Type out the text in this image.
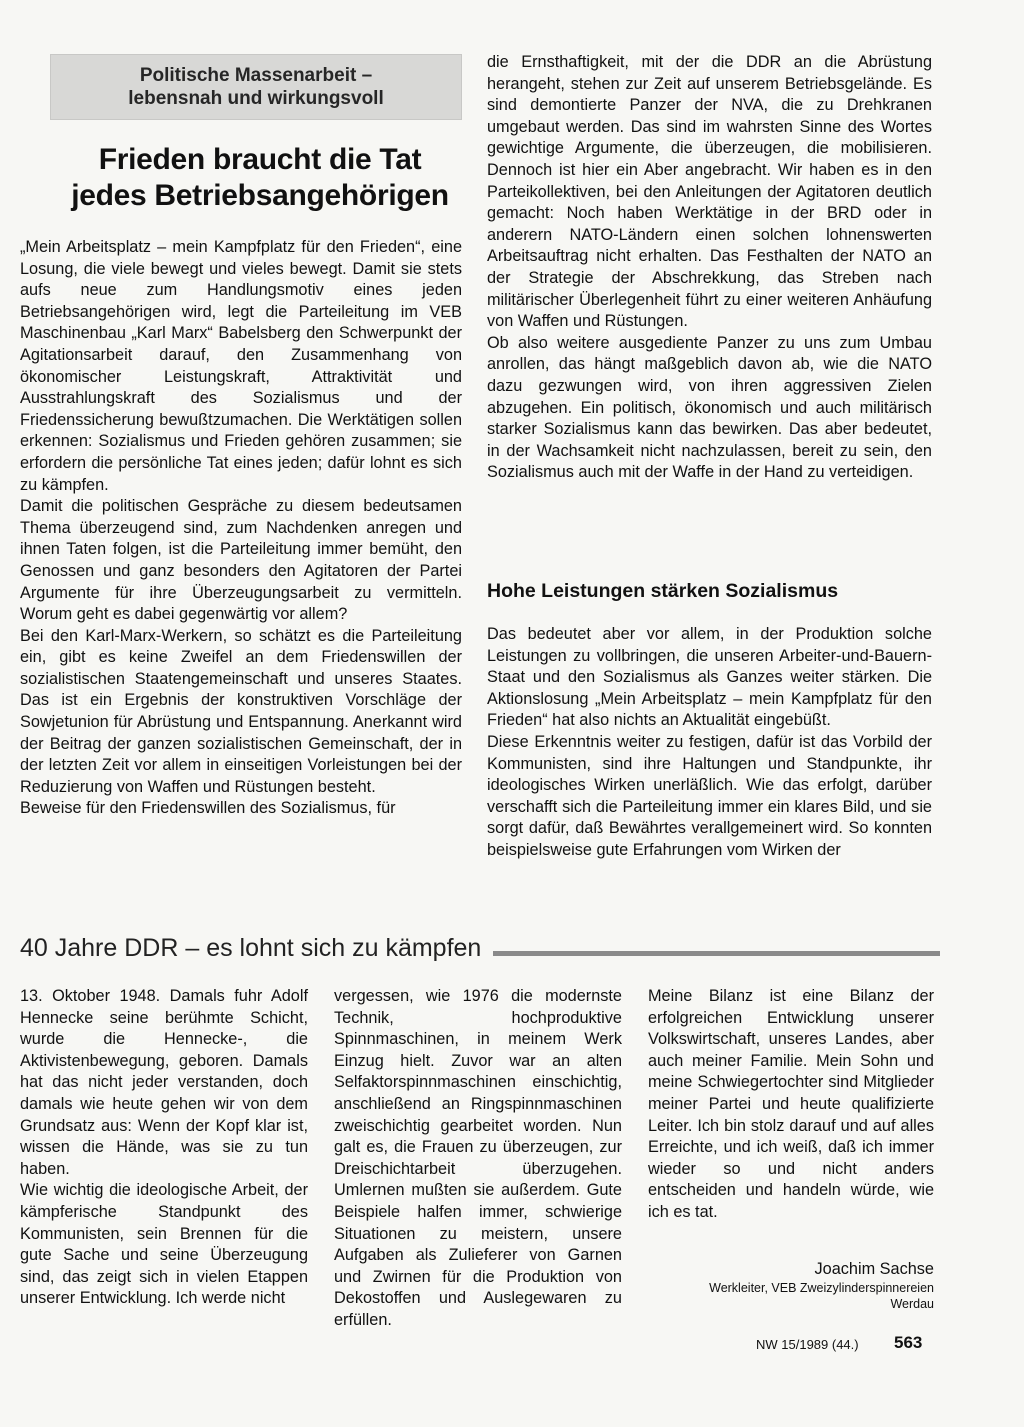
Politische Massenarbeit –
lebensnah und wirkungsvoll
Frieden braucht die Tat
jedes Betriebsangehörigen

„Mein Arbeitsplatz – mein Kampfplatz für den Frieden“, eine Losung, die viele bewegt und vieles bewegt. Damit sie stets aufs neue zum Handlungsmotiv eines jeden Betriebsangehörigen wird, legt die Parteileitung im VEB Maschinenbau „Karl Marx“ Babelsberg den Schwerpunkt der Agitationsarbeit darauf, den Zusammenhang von ökonomischer Leistungskraft, Attraktivität und Ausstrahlungskraft des Sozialismus und der Friedenssicherung bewußtzumachen. Die Werktätigen sollen erkennen: Sozialismus und Frieden gehören zusammen; sie erfordern die persönliche Tat eines jeden; dafür lohnt es sich zu kämpfen.

Damit die politischen Gespräche zu diesem bedeutsamen Thema überzeugend sind, zum Nachdenken anregen und ihnen Taten folgen, ist die Parteileitung immer bemüht, den Genossen und ganz besonders den Agitatoren der Partei Argumente für ihre Überzeugungsarbeit zu vermitteln. Worum geht es dabei gegenwärtig vor allem?

Bei den Karl-Marx-Werkern, so schätzt es die Parteileitung ein, gibt es keine Zweifel an dem Friedenswillen der sozialistischen Staatengemeinschaft und unseres Staates. Das ist ein Ergebnis der konstruktiven Vorschläge der Sowjetunion für Abrüstung und Entspannung. Anerkannt wird der Beitrag der ganzen sozialistischen Gemeinschaft, der in der letzten Zeit vor allem in einseitigen Vorleistungen bei der Reduzierung von Waffen und Rüstungen besteht.

Beweise für den Friedenswillen des Sozialismus, für

die Ernsthaftigkeit, mit der die DDR an die Abrüstung herangeht, stehen zur Zeit auf unserem Betriebsgelände. Es sind demontierte Panzer der NVA, die zu Drehkranen umgebaut werden. Das sind im wahrsten Sinne des Wortes gewichtige Argumente, die überzeugen, die mobilisieren. Dennoch ist hier ein Aber angebracht. Wir haben es in den Parteikollektiven, bei den Anleitungen der Agitatoren deutlich gemacht: Noch haben Werktätige in der BRD oder in anderern NATO-Ländern einen solchen lohnenswerten Arbeitsauftrag nicht erhalten. Das Festhalten der NATO an der Strategie der Abschrekkung, das Streben nach militärischer Überlegenheit führt zu einer weiteren Anhäufung von Waffen und Rüstungen.

Ob also weitere ausgediente Panzer zu uns zum Umbau anrollen, das hängt maßgeblich davon ab, wie die NATO dazu gezwungen wird, von ihren aggressiven Zielen abzugehen. Ein politisch, ökonomisch und auch militärisch starker Sozialismus kann das bewirken. Das aber bedeutet, in der Wachsamkeit nicht nachzulassen, bereit zu sein, den Sozialismus auch mit der Waffe in der Hand zu verteidigen.

Hohe Leistungen stärken Sozialismus

Das bedeutet aber vor allem, in der Produktion solche Leistungen zu vollbringen, die unseren Arbeiter-und-Bauern-Staat und den Sozialismus als Ganzes weiter stärken. Die Aktionslosung „Mein Arbeitsplatz – mein Kampfplatz für den Frieden“ hat also nichts an Aktualität eingebüßt.

Diese Erkenntnis weiter zu festigen, dafür ist das Vorbild der Kommunisten, sind ihre Haltungen und Standpunkte, ihr ideologisches Wirken unerläßlich. Wie das erfolgt, darüber verschafft sich die Parteileitung immer ein klares Bild, und sie sorgt dafür, daß Bewährtes verallgemeinert wird. So konnten beispielsweise gute Erfahrungen vom Wirken der

40 Jahre DDR – es lohnt sich zu kämpfen

13. Oktober 1948. Damals fuhr Adolf Hennecke seine berühmte Schicht, wurde die Hennecke-, die Aktivistenbewegung, geboren. Damals hat das nicht jeder verstanden, doch damals wie heute gehen wir von dem Grundsatz aus: Wenn der Kopf klar ist, wissen die Hände, was sie zu tun haben.

Wie wichtig die ideologische Arbeit, der kämpferische Standpunkt des Kommunisten, sein Brennen für die gute Sache und seine Überzeugung sind, das zeigt sich in vielen Etappen unserer Entwicklung. Ich werde nicht

vergessen, wie 1976 die modernste Technik, hochproduktive Spinnmaschinen, in meinem Werk Einzug hielt. Zuvor war an alten Selfaktorspinnmaschinen einschichtig, anschließend an Ringspinnmaschinen zweischichtig gearbeitet worden. Nun galt es, die Frauen zu überzeugen, zur Dreischichtarbeit überzugehen. Umlernen mußten sie außerdem. Gute Beispiele halfen immer, schwierige Situationen zu meistern, unsere Aufgaben als Zulieferer von Garnen und Zwirnen für die Produktion von Dekostoffen und Auslegewaren zu erfüllen.

Meine Bilanz ist eine Bilanz der erfolgreichen Entwicklung unserer Volkswirtschaft, unseres Landes, aber auch meiner Familie. Mein Sohn und meine Schwiegertochter sind Mitglieder meiner Partei und heute qualifizierte Leiter. Ich bin stolz darauf und auf alles Erreichte, und ich weiß, daß ich immer wieder so und nicht anders entscheiden und handeln würde, wie ich es tat.

Joachim Sachse
Werkleiter, VEB Zweizylinderspinnereien
Werdau
NW 15/1989 (44.) 563
